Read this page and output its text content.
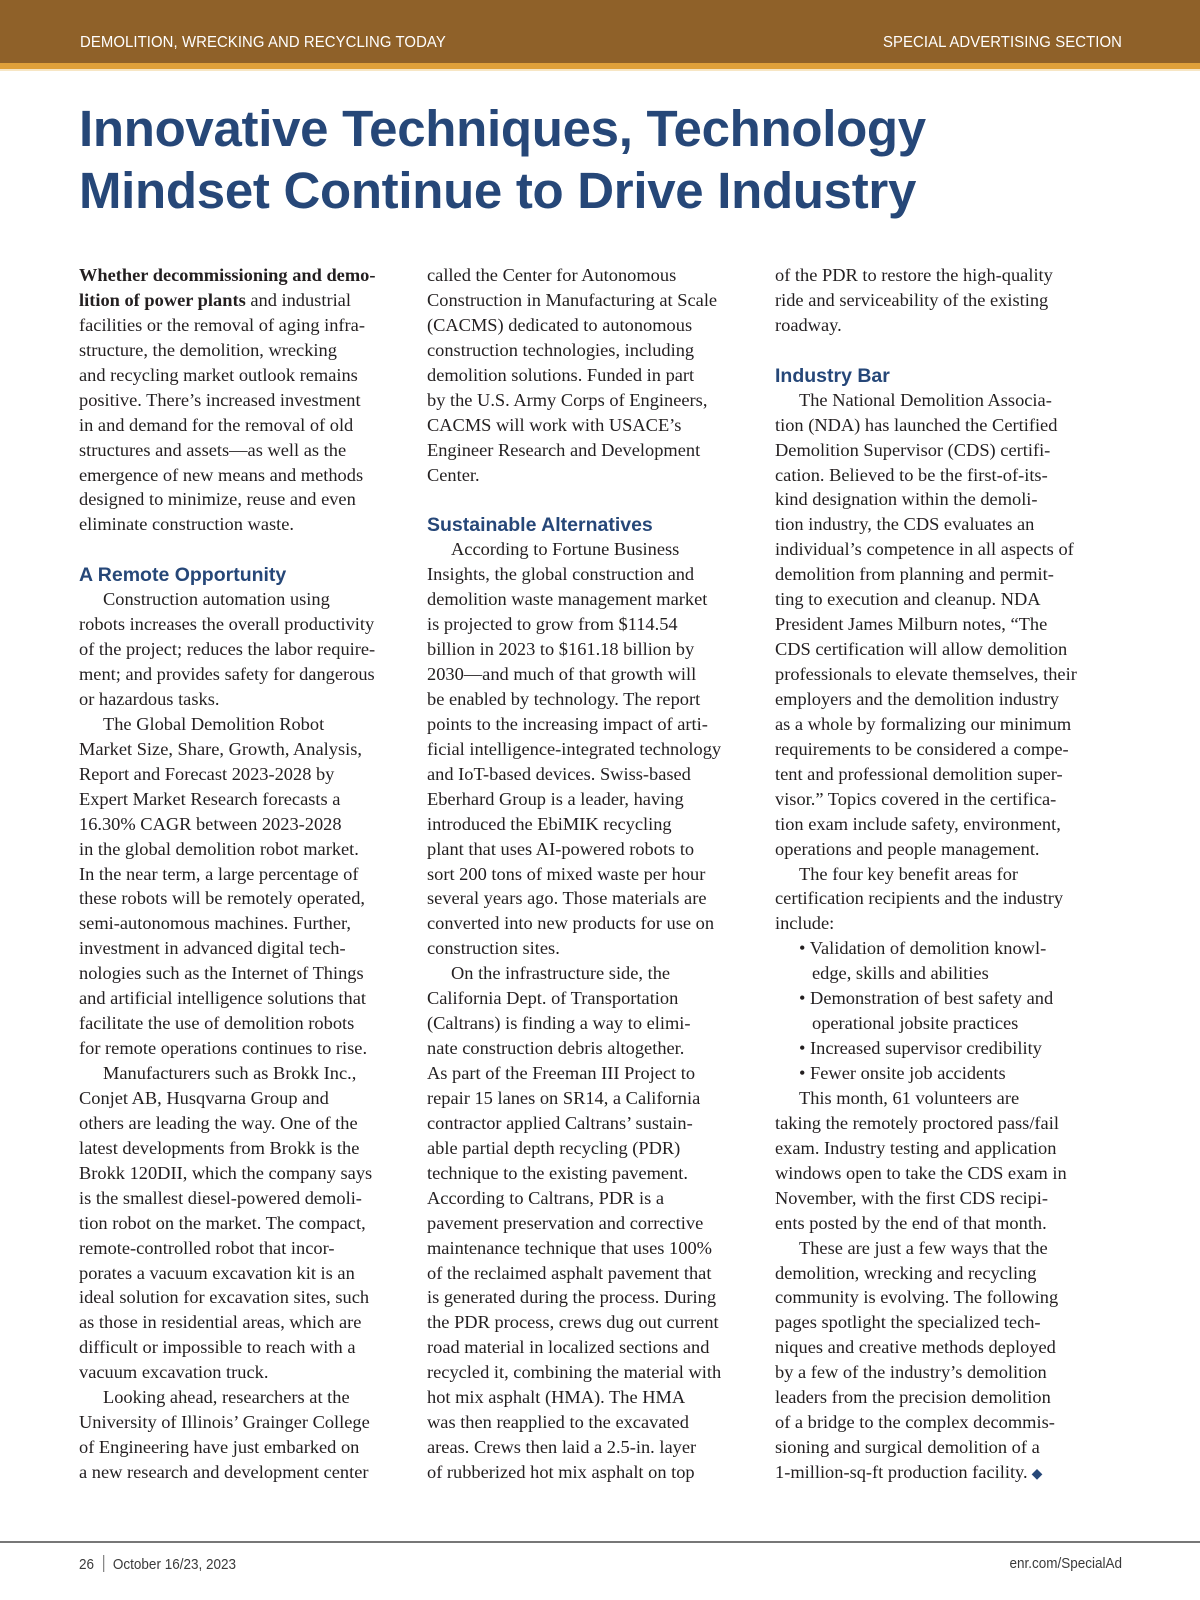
DEMOLITION, WRECKING AND RECYCLING TODAY	SPECIAL ADVERTISING SECTION
Innovative Techniques, Technology
Mindset Continue to Drive Industry
Whether decommissioning and demo-
lition of power plants and industrial
facilities or the removal of aging infra-
structure, the demolition, wrecking
and recycling market outlook remains
positive. There’s increased investment
in and demand for the removal of old
structures and assets—as well as the
emergence of new means and methods
designed to minimize, reuse and even
eliminate construction waste.
A Remote Opportunity
Construction automation using
robots increases the overall productivity
of the project; reduces the labor require-
ment; and provides safety for dangerous
or hazardous tasks.
The Global Demolition Robot
Market Size, Share, Growth, Analysis,
Report and Forecast 2023-2028 by
Expert Market Research forecasts a
16.30% CAGR between 2023-2028
in the global demolition robot market.
In the near term, a large percentage of
these robots will be remotely operated,
semi-autonomous machines. Further,
investment in advanced digital tech-
nologies such as the Internet of Things
and artificial intelligence solutions that
facilitate the use of demolition robots
for remote operations continues to rise.
Manufacturers such as Brokk Inc.,
Conjet AB, Husqvarna Group and
others are leading the way. One of the
latest developments from Brokk is the
Brokk 120DII, which the company says
is the smallest diesel-powered demoli-
tion robot on the market. The compact,
remote-controlled robot that incor-
porates a vacuum excavation kit is an
ideal solution for excavation sites, such
as those in residential areas, which are
difficult or impossible to reach with a
vacuum excavation truck.
Looking ahead, researchers at the
University of Illinois’ Grainger College
of Engineering have just embarked on
a new research and development center
called the Center for Autonomous
Construction in Manufacturing at Scale
(CACMS) dedicated to autonomous
construction technologies, including
demolition solutions. Funded in part
by the U.S. Army Corps of Engineers,
CACMS will work with USACE’s
Engineer Research and Development
Center.
Sustainable Alternatives
According to Fortune Business
Insights, the global construction and
demolition waste management market
is projected to grow from $114.54
billion in 2023 to $161.18 billion by
2030—and much of that growth will
be enabled by technology. The report
points to the increasing impact of arti-
ficial intelligence-integrated technology
and IoT-based devices. Swiss-based
Eberhard Group is a leader, having
introduced the EbiMIK recycling
plant that uses AI-powered robots to
sort 200 tons of mixed waste per hour
several years ago. Those materials are
converted into new products for use on
construction sites.
On the infrastructure side, the
California Dept. of Transportation
(Caltrans) is finding a way to elimi-
nate construction debris altogether.
As part of the Freeman III Project to
repair 15 lanes on SR14, a California
contractor applied Caltrans’ sustain-
able partial depth recycling (PDR)
technique to the existing pavement.
According to Caltrans, PDR is a
pavement preservation and corrective
maintenance technique that uses 100%
of the reclaimed asphalt pavement that
is generated during the process. During
the PDR process, crews dug out current
road material in localized sections and
recycled it, combining the material with
hot mix asphalt (HMA). The HMA
was then reapplied to the excavated
areas. Crews then laid a 2.5-in. layer
of rubberized hot mix asphalt on top
of the PDR to restore the high-quality
ride and serviceability of the existing
roadway.
Industry Bar
The National Demolition Associa-
tion (NDA) has launched the Certified
Demolition Supervisor (CDS) certifi-
cation. Believed to be the first-of-its-
kind designation within the demoli-
tion industry, the CDS evaluates an
individual’s competence in all aspects of
demolition from planning and permit-
ting to execution and cleanup. NDA
President James Milburn notes, “The
CDS certification will allow demolition
professionals to elevate themselves, their
employers and the demolition industry
as a whole by formalizing our minimum
requirements to be considered a compe-
tent and professional demolition super-
visor.” Topics covered in the certifica-
tion exam include safety, environment,
operations and people management.
The four key benefit areas for
certification recipients and the industry
include:
• Validation of demolition knowl-
edge, skills and abilities
• Demonstration of best safety and
operational jobsite practices
• Increased supervisor credibility
• Fewer onsite job accidents
This month, 61 volunteers are
taking the remotely proctored pass/fail
exam. Industry testing and application
windows open to take the CDS exam in
November, with the first CDS recipi-
ents posted by the end of that month.
These are just a few ways that the
demolition, wrecking and recycling
community is evolving. The following
pages spotlight the specialized tech-
niques and creative methods deployed
by a few of the industry’s demolition
leaders from the precision demolition
of a bridge to the complex decommis-
sioning and surgical demolition of a
1-million-sq-ft production facility. ◆
26 October 16/23, 2023	enr.com/SpecialAd
